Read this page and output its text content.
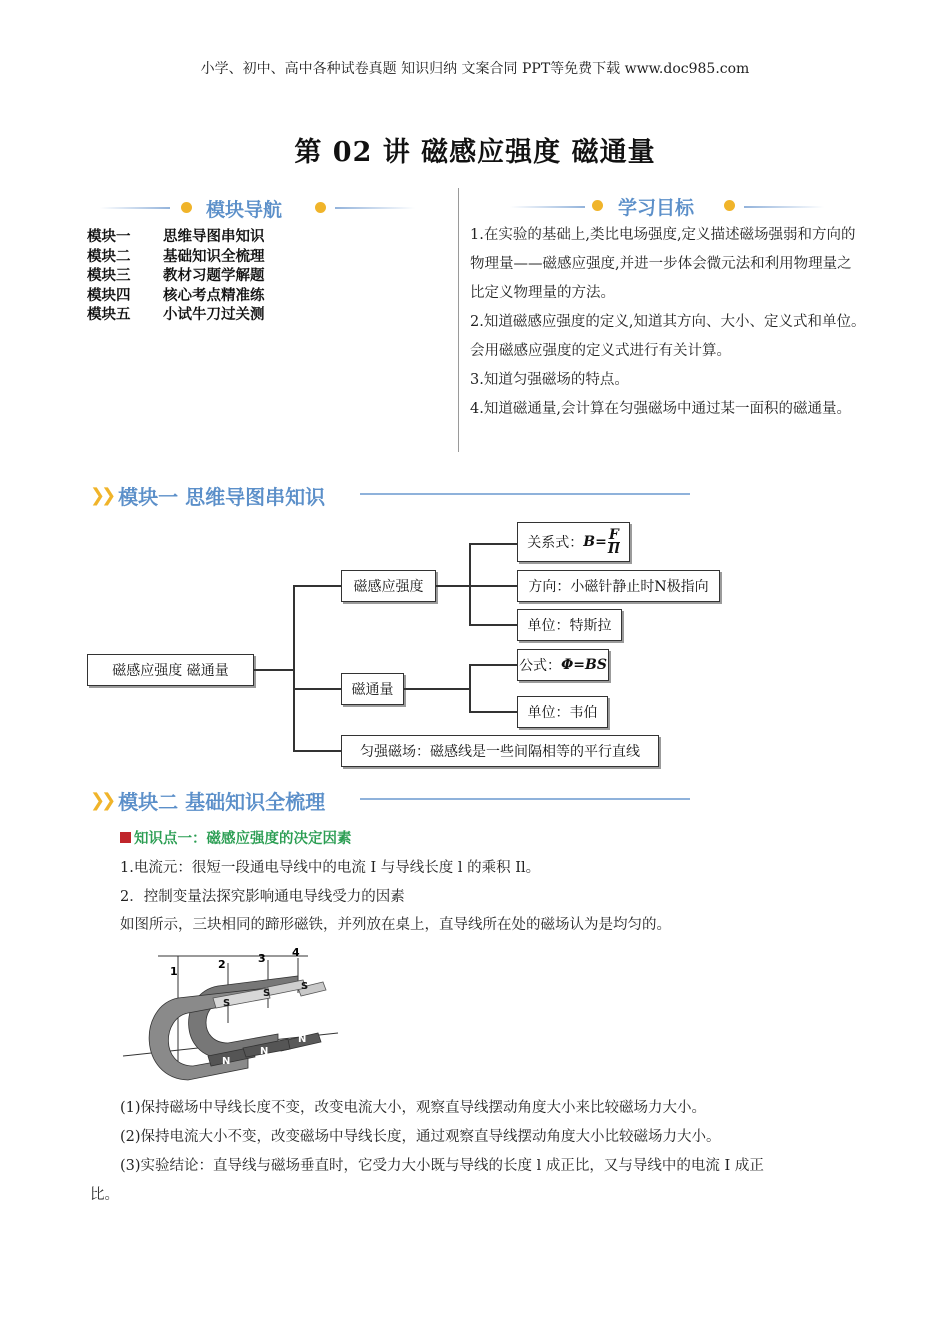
小学、初中、高中各种试卷真题 知识归纳 文案合同 PPT等免费下载 www.doc985.com
第 02 讲 磁感应强度 磁通量
模块导航
模块一	思维导图串知识
模块二	基础知识全梳理
模块三	教材习题学解题
模块四	核心考点精准练
模块五	小试牛刀过关测
学习目标

1.在实验的基础上,类比电场强度,定义描述磁场强弱和方向的物理量——磁感应强度,并进一步体会微元法和利用物理量之比定义物理量的方法。

2.知道磁感应强度的定义,知道其方向、大小、定义式和单位。会用磁感应强度的定义式进行有关计算。

3.知道匀强磁场的特点。

4.知道磁通量,会计算在匀强磁场中通过某一面积的磁通量。

❯❯ 模块一 思维导图串知识
磁感应强度 磁通量
磁感应强度
关系式： $B= \frac{F}{Il}$
方向：小磁针静止时N极指向
单位：特斯拉
磁通量
公式： Φ=BS
单位：韦伯
匀强磁场：磁感线是一些间隔相等的平行直线
❯❯ 模块二 基础知识全梳理
知识点一：磁感应强度的决定因素
1.电流元：很短一段通电导线中的电流 I 与导线长度 l 的乘积 Il。
2．控制变量法探究影响通电导线受力的因素
如图所示，三块相同的蹄形磁铁，并列放在桌上，直导线所在处的磁场认为是均匀的。
1
2	3 4
S
S
S
N
N
N
(1)保持磁场中导线长度不变，改变电流大小，观察直导线摆动角度大小来比较磁场力大小。
(2)保持电流大小不变，改变磁场中导线长度，通过观察直导线摆动角度大小比较磁场力大小。
(3)实验结论：直导线与磁场垂直时，它受力大小既与导线的长度 l 成正比，又与导线中的电流 I 成正
比。
